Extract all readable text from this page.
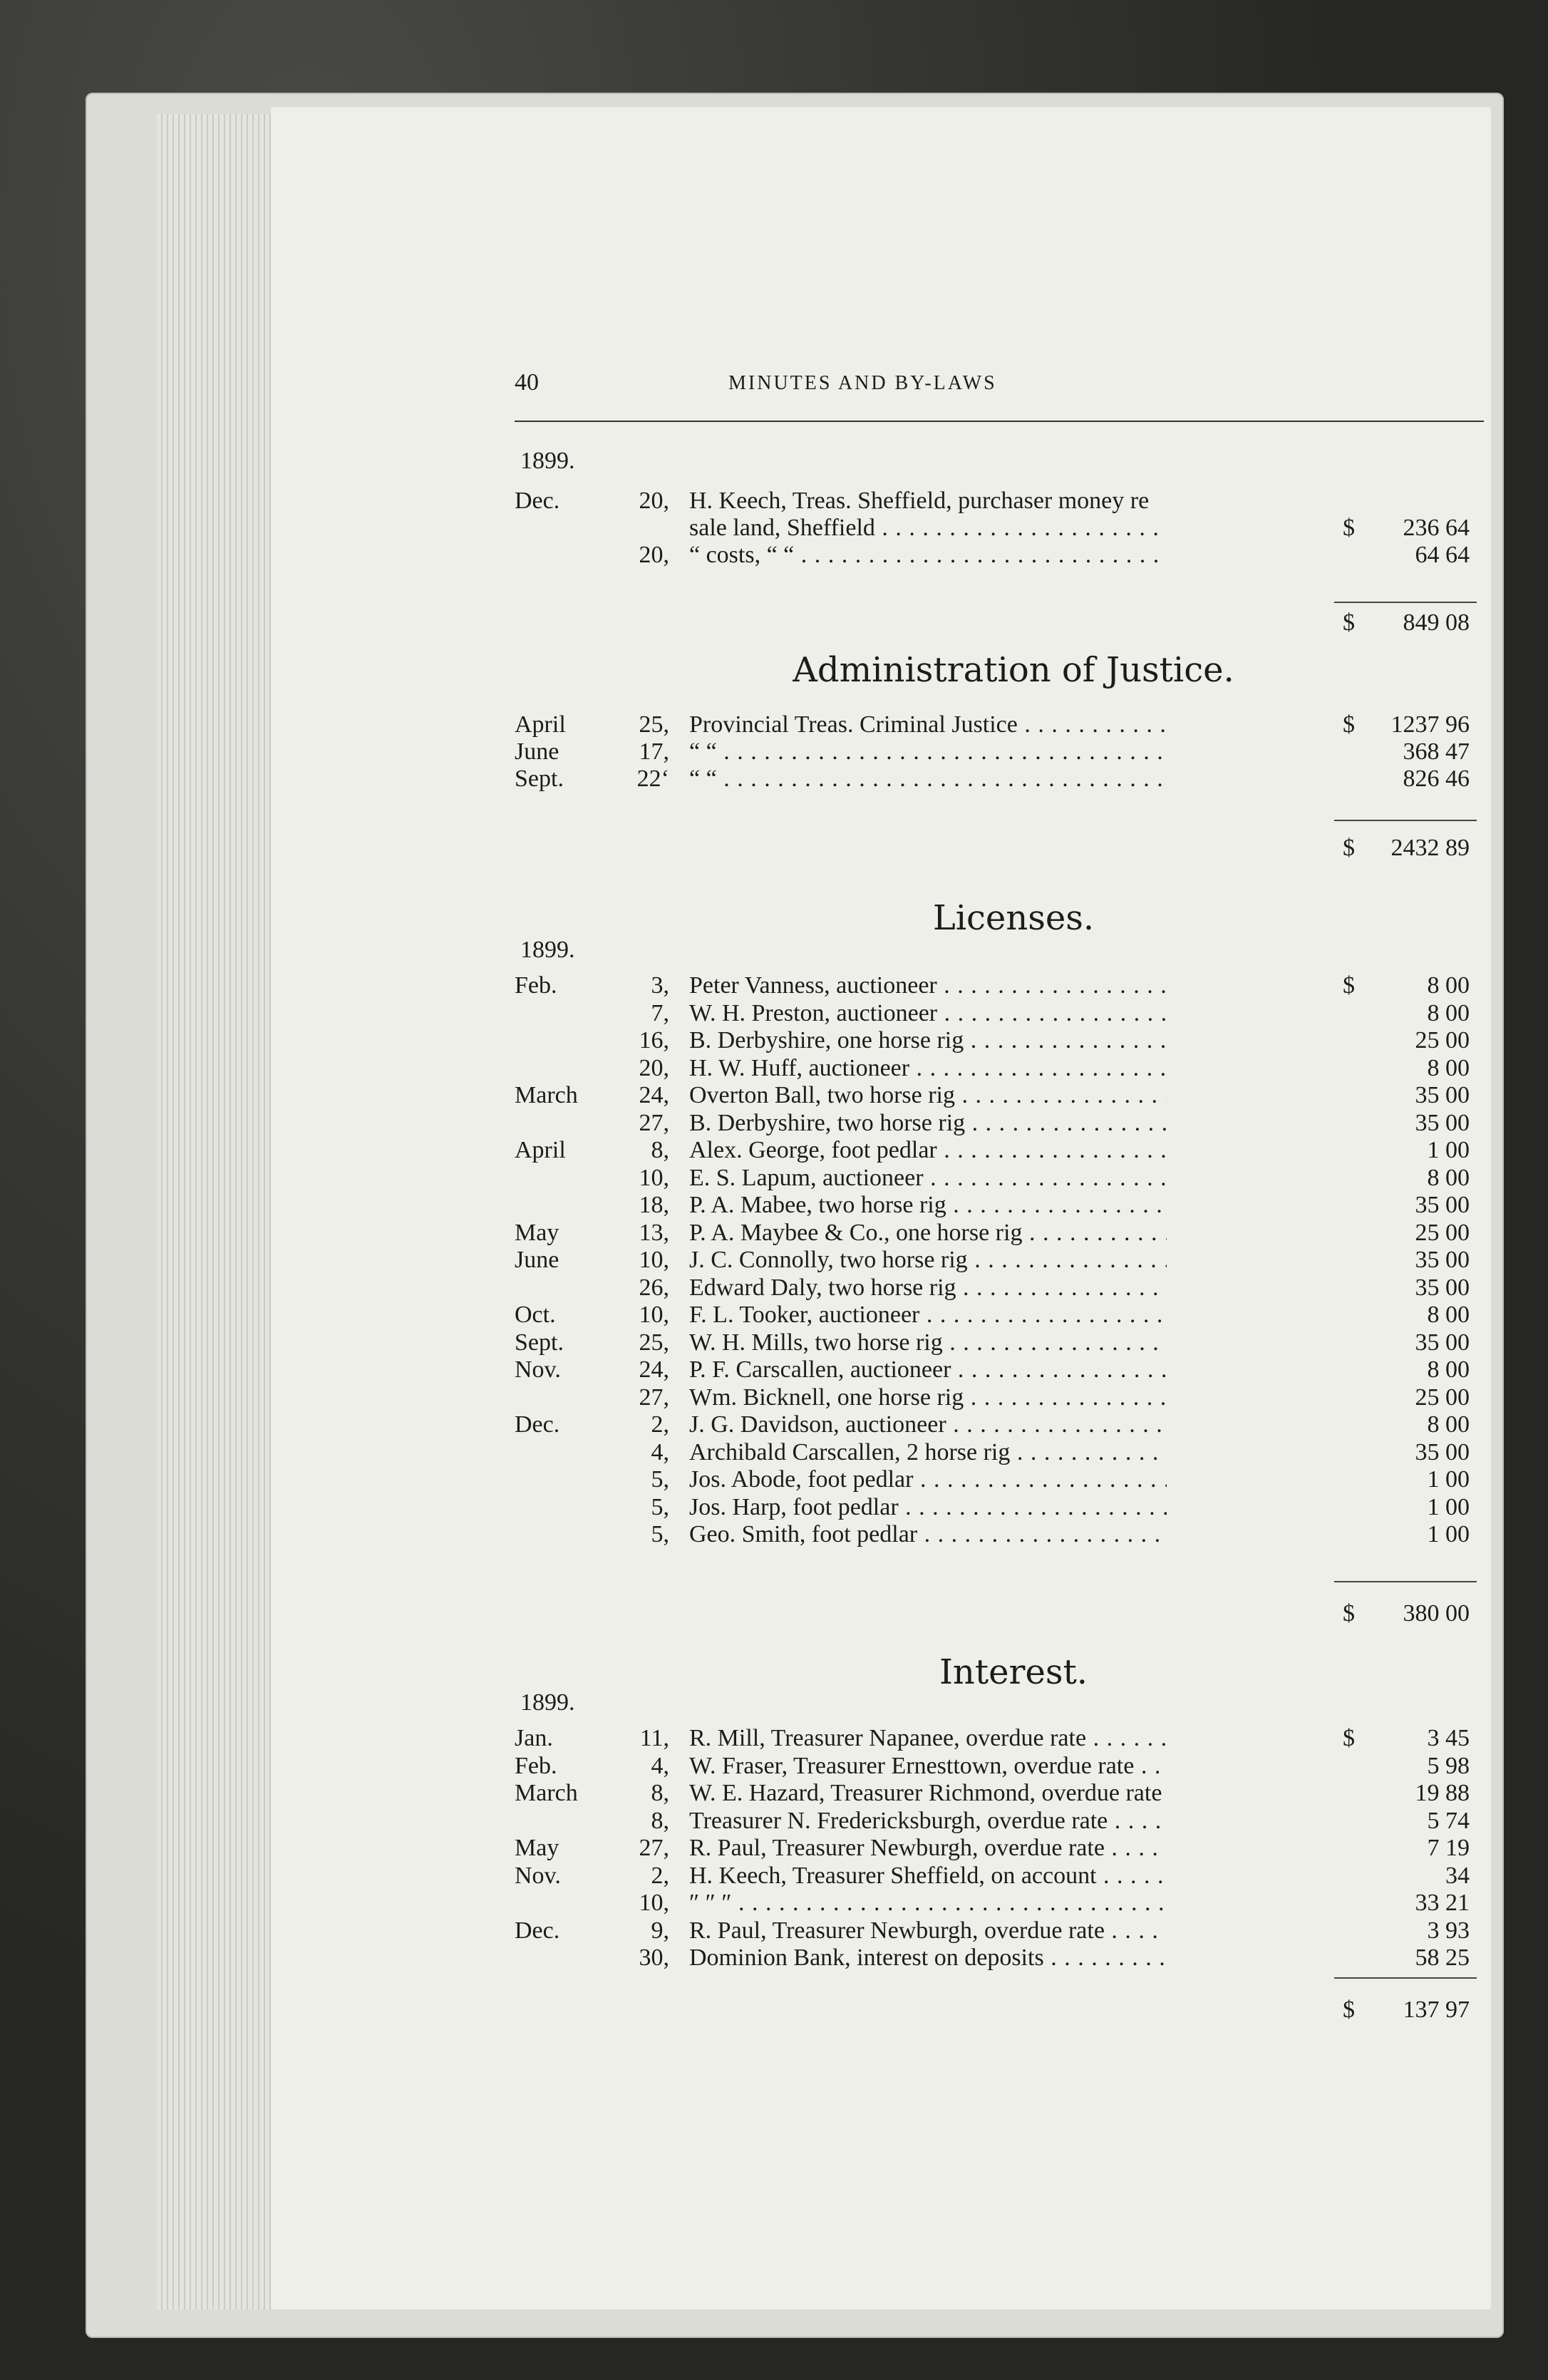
40	MINUTES AND BY-LAWS
1899.
Dec.	20, H. Keech, Treas. Sheffield, purchaser money re
sale land, Sheffield . . .	$	236 64
20, “ costs, “ “ . . .	64 64
$	849 08
Administration of Justice.
April	25, Provincial Treas. Criminal Justice . . .	$	1237 96
June	17, “ “ . . .	368 47
Sept.	22‘ “ “ . . .	826 46
$	2432 89
Licenses.
1899.
Feb.	3, Peter Vanness, auctioneer . . .	$	8 00
7, W. H. Preston, auctioneer . . .	8 00
16, B. Derbyshire, one horse rig . . .	25 00
20, H. W. Huff, auctioneer . . .	8 00
March	24, Overton Ball, two horse rig . . .	35 00
27, B. Derbyshire, two horse rig . . .	35 00
April	8, Alex. George, foot pedlar . . .	1 00
10, E. S. Lapum, auctioneer . . .	8 00
18, P. A. Mabee, two horse rig . . .	35 00
May	13, P. A. Maybee & Co., one horse rig . . .	25 00
June	10, J. C. Connolly, two horse rig . . .	35 00
26, Edward Daly, two horse rig . . .	35 00
Oct.	10, F. L. Tooker, auctioneer . . .	8 00
Sept.	25, W. H. Mills, two horse rig . . .	35 00
Nov.	24, P. F. Carscallen, auctioneer . . .	8 00
27, Wm. Bicknell, one horse rig . . .	25 00
Dec.	2, J. G. Davidson, auctioneer . . .	8 00
4, Archibald Carscallen, 2 horse rig . . .	35 00
5, Jos. Abode, foot pedlar . . .	1 00
5, Jos. Harp, foot pedlar . . .	1 00
5, Geo. Smith, foot pedlar . . .	1 00
$	380 00
Interest.
1899.
Jan.	11, R. Mill, Treasurer Napanee, overdue rate . . .	$	3 45
Feb.	4, W. Fraser, Treasurer Ernesttown, overdue rate . . .	5 98
March	8, W. E. Hazard, Treasurer Richmond, overdue rate . . .	19 88
8, Treasurer N. Fredericksburgh, overdue rate . . .	5 74
May	27, R. Paul, Treasurer Newburgh, overdue rate . . .	7 19
Nov.	2, H. Keech, Treasurer Sheffield, on account . . .	34
10, ″ ″ ″ . . .	33 21
Dec.	9, R. Paul, Treasurer Newburgh, overdue rate . . .	3 93
30, Dominion Bank, interest on deposits . . .	58 25
$	137 97
